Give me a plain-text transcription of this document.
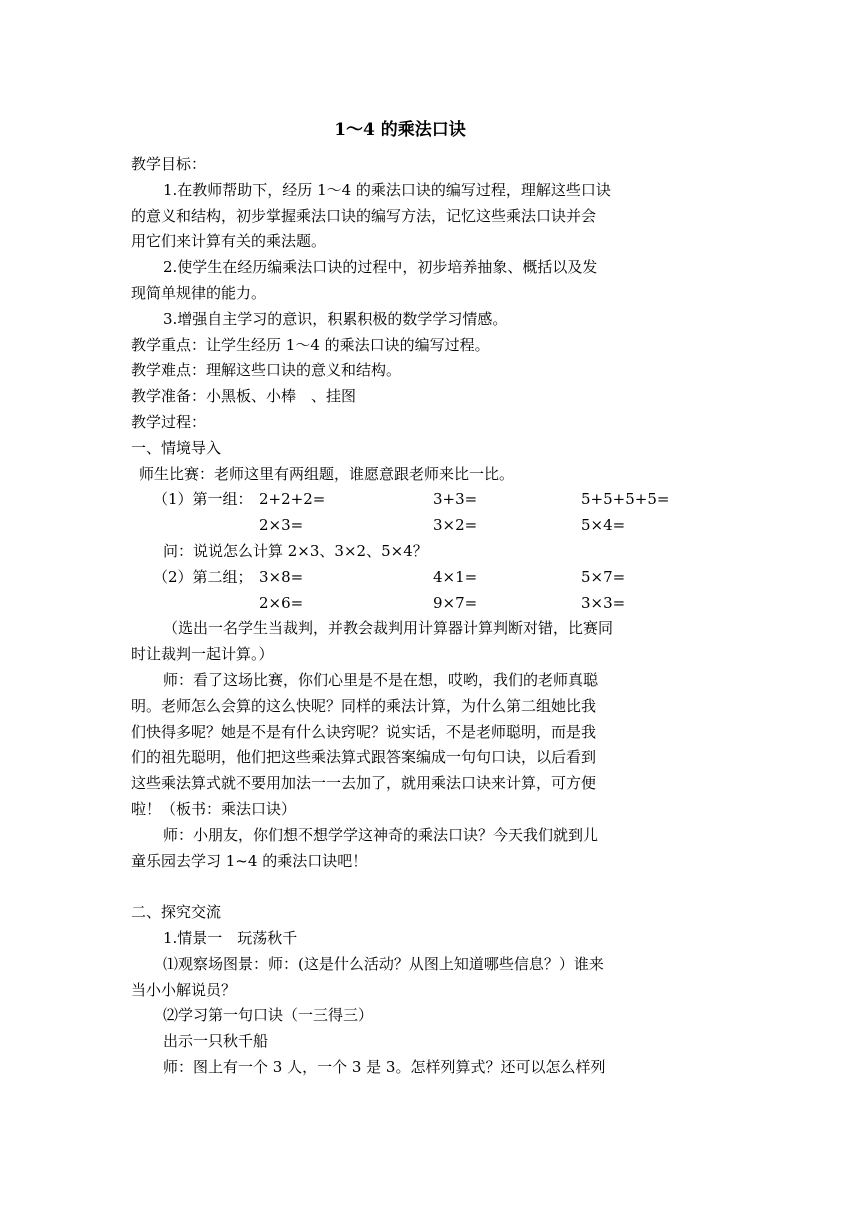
1～4 的乘法口诀

教学目标：

1.在教师帮助下，经历 1～4 的乘法口诀的编写过程，理解这些口诀

的意义和结构，初步掌握乘法口诀的编写方法，记忆这些乘法口诀并会

用它们来计算有关的乘法题。

2.使学生在经历编乘法口诀的过程中，初步培养抽象、概括以及发

现简单规律的能力。

3.增强自主学习的意识，积累积极的数学学习情感。

教学重点：让学生经历 1～4 的乘法口诀的编写过程。

教学难点：理解这些口诀的意义和结构。

教学准备：小黑板、小棒　、挂图

教学过程：

一、情境导入

师生比赛：老师这里有两组题，谁愿意跟老师来比一比。

（1）第一组： 2+2+2=	3+3=	5+5+5+5=
2×3=	3×2=	5×4=

问：说说怎么计算 2×3、3×2、5×4？

（2）第二组； 3×8=	4×1=	5×7=
2×6=	9×7=	3×3=

（选出一名学生当裁判，并教会裁判用计算器计算判断对错，比赛同

时让裁判一起计算。）

师：看了这场比赛，你们心里是不是在想，哎哟，我们的老师真聪

明。老师怎么会算的这么快呢？同样的乘法计算，为什么第二组她比我

们快得多呢？她是不是有什么诀窍呢？说实话，不是老师聪明，而是我

们的祖先聪明，他们把这些乘法算式跟答案编成一句句口诀，以后看到

这些乘法算式就不要用加法一一去加了，就用乘法口诀来计算，可方便

啦！（板书：乘法口诀）

师：小朋友，你们想不想学学这神奇的乘法口诀？今天我们就到儿

童乐园去学习 1~4 的乘法口诀吧！

二、探究交流

1.情景一　玩荡秋千

⑴观察场图景：师：(这是什么活动？从图上知道哪些信息？）谁来

当小小解说员？

⑵学习第一句口诀（一三得三）

出示一只秋千船

师：图上有一个 3 人，一个 3 是 3。怎样列算式？还可以怎么样列
